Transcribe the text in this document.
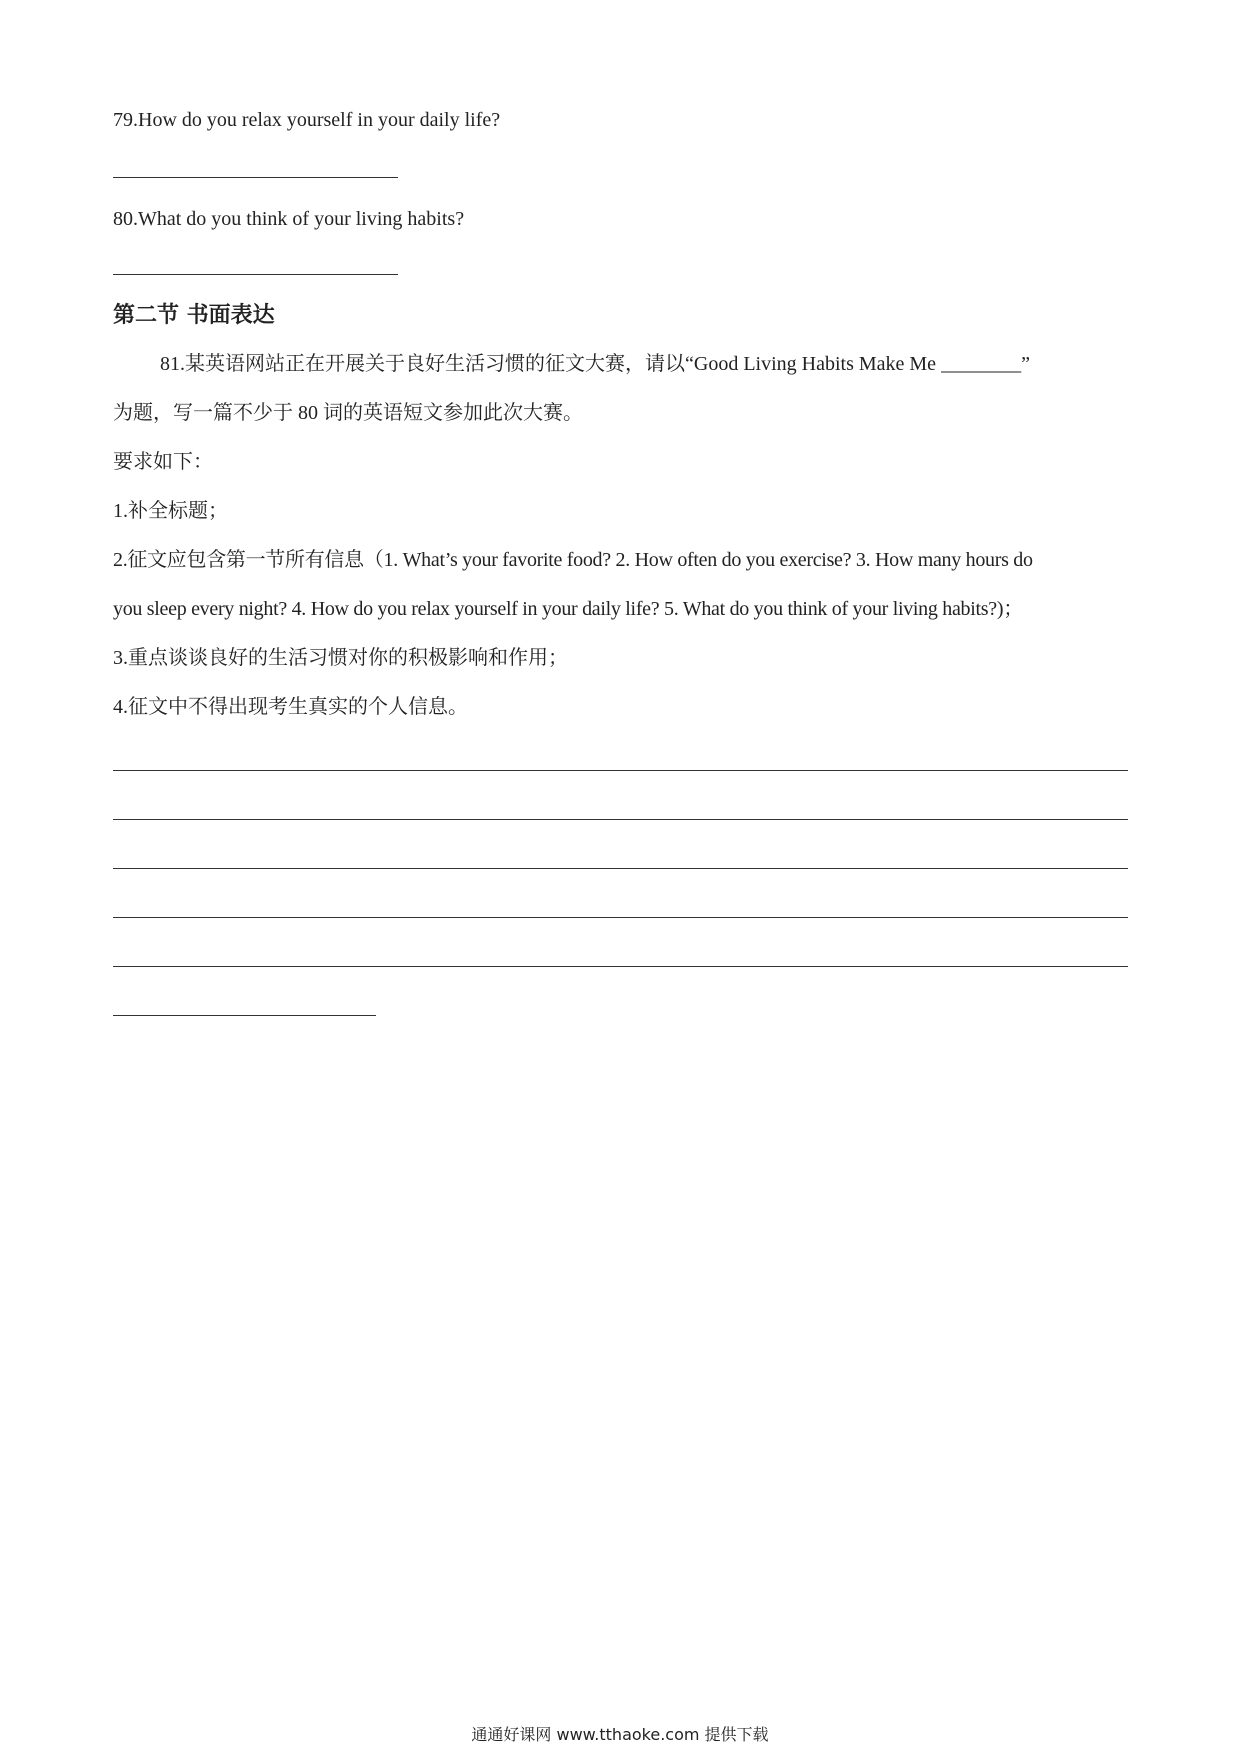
79.How do you relax yourself in your daily life?
80.What do you think of your living habits?
第二节 书面表达
81.某英语网站正在开展关于良好生活习惯的征文大赛，请以“Good Living Habits Make Me ________”
为题，写一篇不少于 80 词的英语短文参加此次大赛。
要求如下：
1.补全标题；
2.征文应包含第一节所有信息（1. What’s your favorite food? 2. How often do you exercise? 3. How many hours do
you sleep every night? 4. How do you relax yourself in your daily life? 5. What do you think of your living habits?)；
3.重点谈谈良好的生活习惯对你的积极影响和作用；
4.征文中不得出现考生真实的个人信息。
通通好课网 www.tthaoke.com 提供下载
